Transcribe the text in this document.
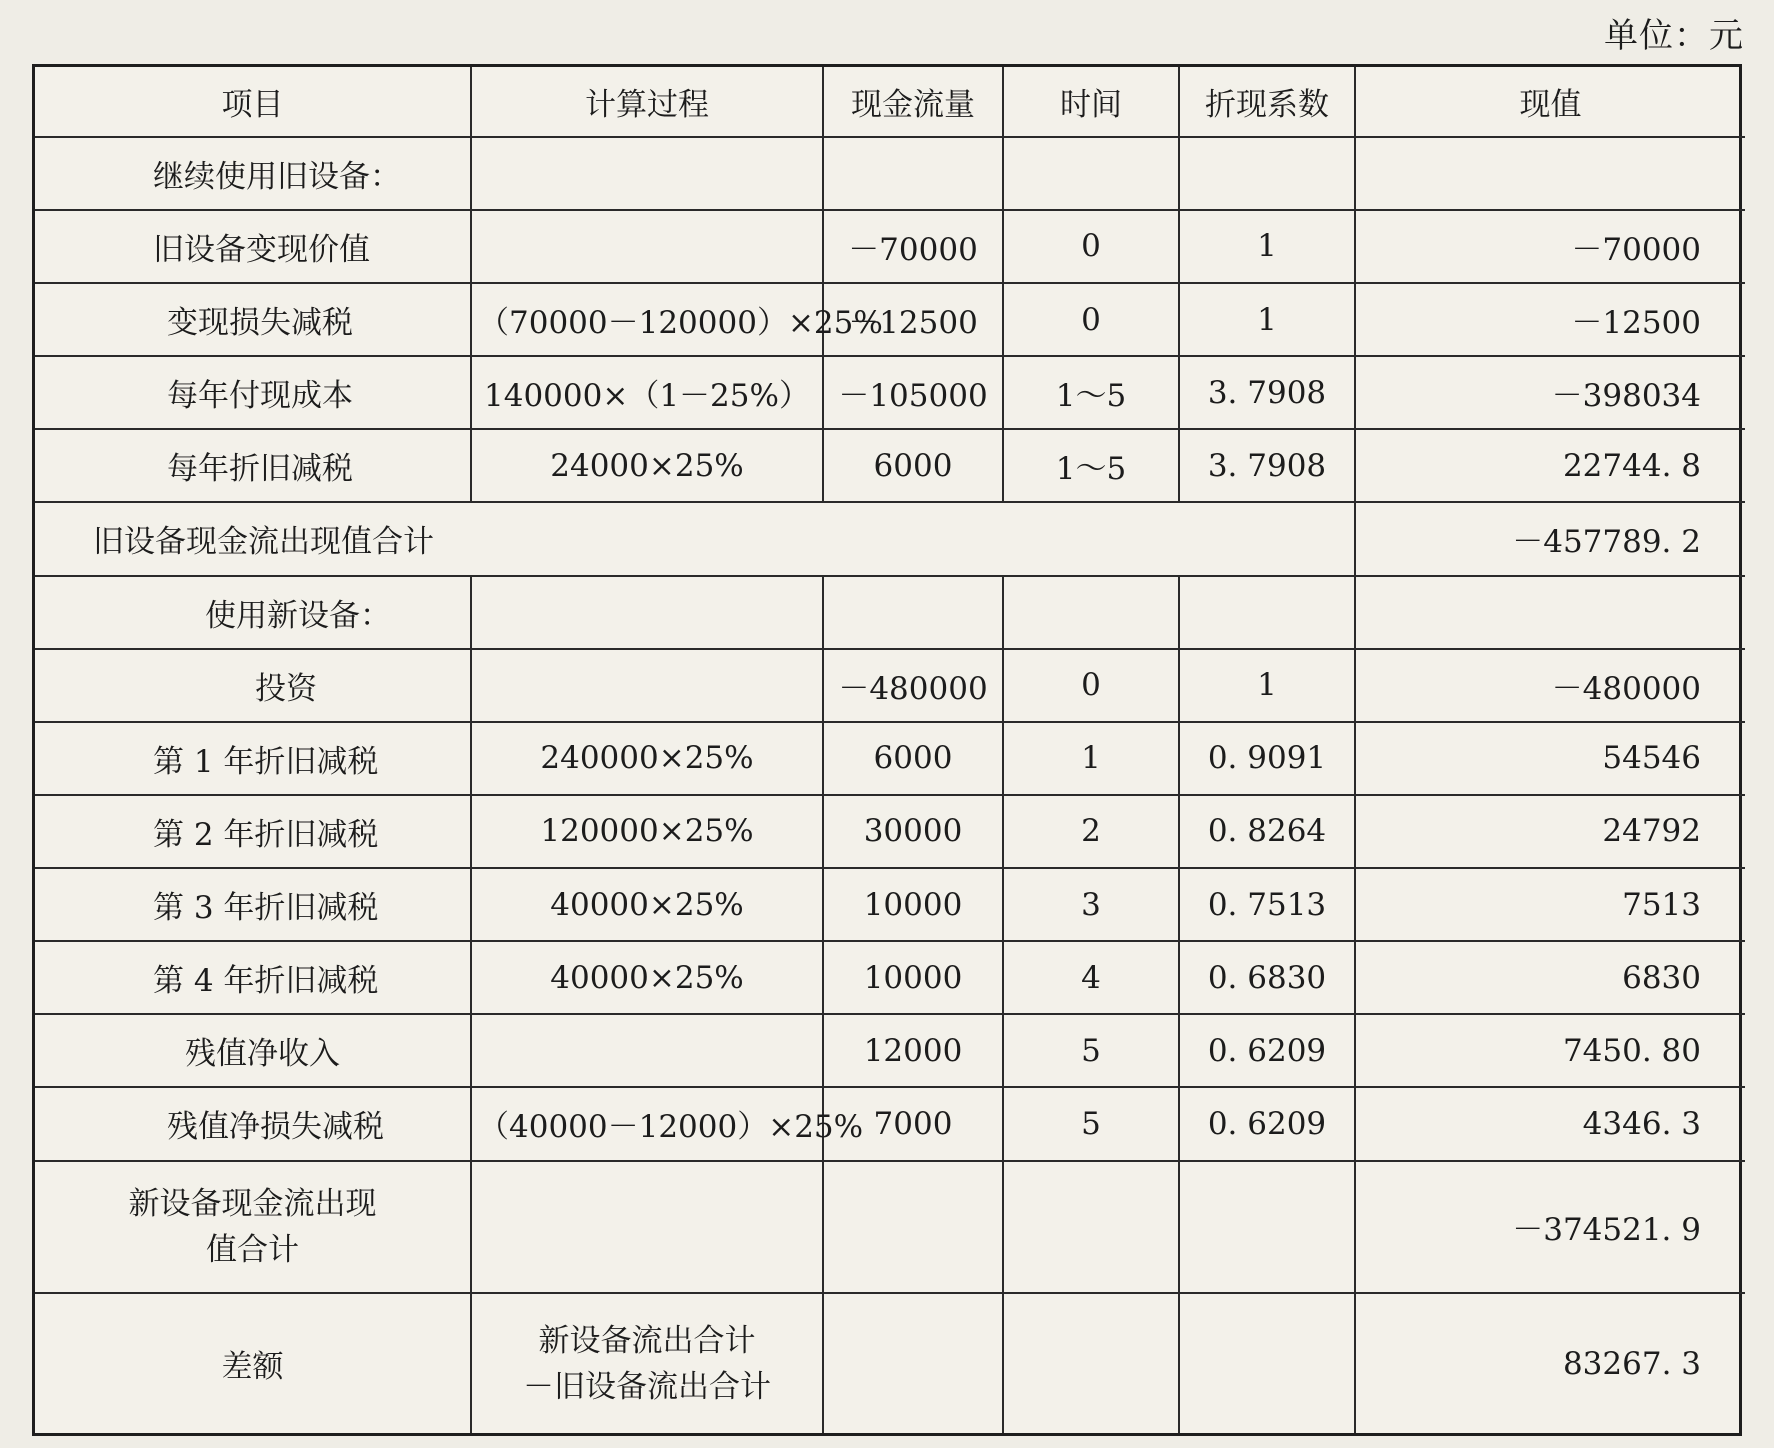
单位：元
项目	计算过程	现金流量	时间	折现系数	现值
继续使用旧设备：					
旧设备变现价值		－70000	0	1	－70000
变现损失减税	（70000－120000）×25%	－12500	0	1	－12500
每年付现成本	140000×（1－25%）	－105000	1～5	3. 7908	－398034
每年折旧减税	24000×25%	6000	1～5	3. 7908	22744. 8
旧设备现金流出现值合计					－457789. 2
使用新设备：					
投资		－480000	0	1	－480000
第 1 年折旧减税	240000×25%	6000	1	0. 9091	54546
第 2 年折旧减税	120000×25%	30000	2	0. 8264	24792
第 3 年折旧减税	40000×25%	10000	3	0. 7513	7513
第 4 年折旧减税	40000×25%	10000	4	0. 6830	6830
残值净收入		12000	5	0. 6209	7450. 80
残值净损失减税	（40000－12000）×25%	7000	5	0. 6209	4346. 3
新设备现金流出现
值合计					－374521. 9
差额	新设备流出合计
－旧设备流出合计				83267. 3
